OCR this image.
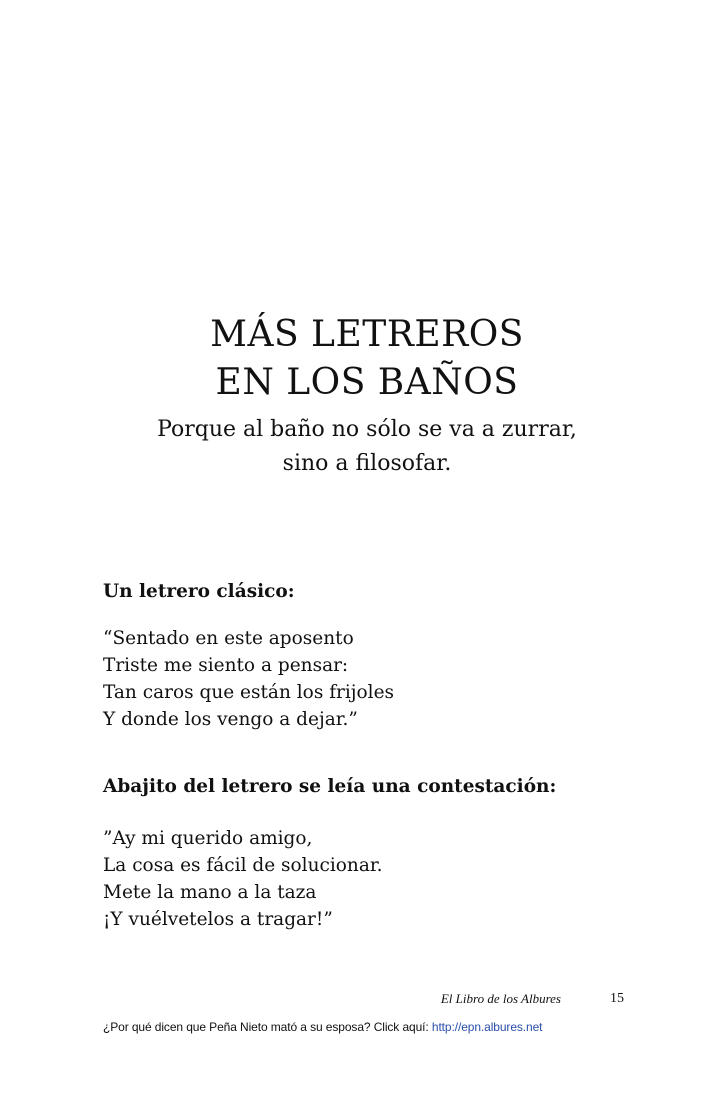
MÁS LETREROS
EN LOS BAÑOS

Porque al baño no sólo se va a zurrar,

sino a filosofar.

Un letrero clásico:
“Sentado en este aposento
Triste me siento a pensar:
Tan caros que están los frijoles
Y donde los vengo a dejar.”
Abajito del letrero se leía una contestación:
”Ay mi querido amigo,
La cosa es fácil de solucionar.
Mete la mano a la taza
¡Y vuélvetelos a tragar!”
El Libro de los Albures	15
¿Por qué dicen que Peña Nieto mató a su esposa? Click aquí: http://epn.albures.net
